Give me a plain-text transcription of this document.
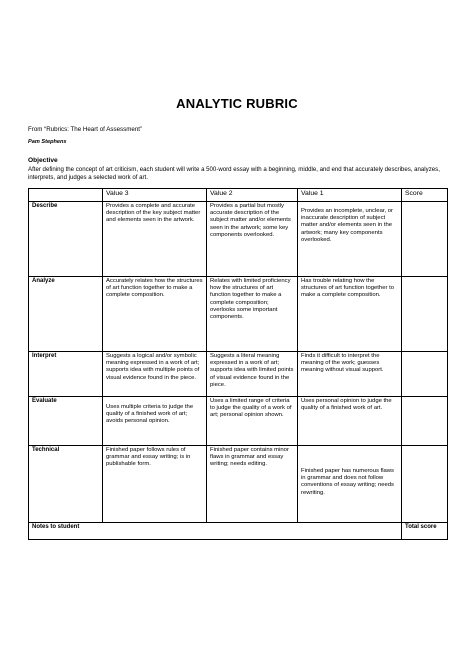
ANALYTIC RUBRIC
From “Rubrics: The Heart of Assessment”
Pam Stephens
Objective
After defining the concept of art criticism, each student will write a 500-word essay with a beginning, middle, and end that accurately describes, analyzes, interprets, and judges a selected work of art.
	Value 3	Value 2	Value 1	Score
Describe	Provides a complete and accurate description of the key subject matter and elements seen in the artwork.	Provides a partial but mostly accurate description of the subject matter and/or elements seen in the artwork; some key components overlooked.	Provides an incomplete, unclear, or inaccurate description of subject matter and/or elements seen in the artwork; many key components overlooked.	

Analyze	Accurately relates how the structures of art function together to make a complete composition.	Relates with limited proficiency how the structures of art function together to make a complete composition; overlooks some important components.	Has trouble relating how the structures of art function together to make a complete composition.	
Interpret	Suggests a logical and/or symbolic meaning expressed in a work of art; supports idea with multiple points of visual evidence found in the piece.	Suggests a literal meaning expressed in a work of art; supports idea with limited points of visual evidence found in the piece.	Finds it difficult to interpret the meaning of the work; guesses meaning without visual support.	
Evaluate	Uses multiple criteria to judge the quality of a finished work of art; avoids personal opinion.	Uses a limited range of criteria to judge the quality of a work of art; personal opinion shown.	Uses personal opinion to judge the quality of a finished work of art.	
Technical	Finished paper follows rules of grammar and essay writing; is in publishable form.	Finished paper contains minor flaws in grammar and essay writing; needs editing.	Finished paper has numerous flaws in grammar and does not follow conventions of essay writing; needs rewriting.	

Notes to student				Total score
